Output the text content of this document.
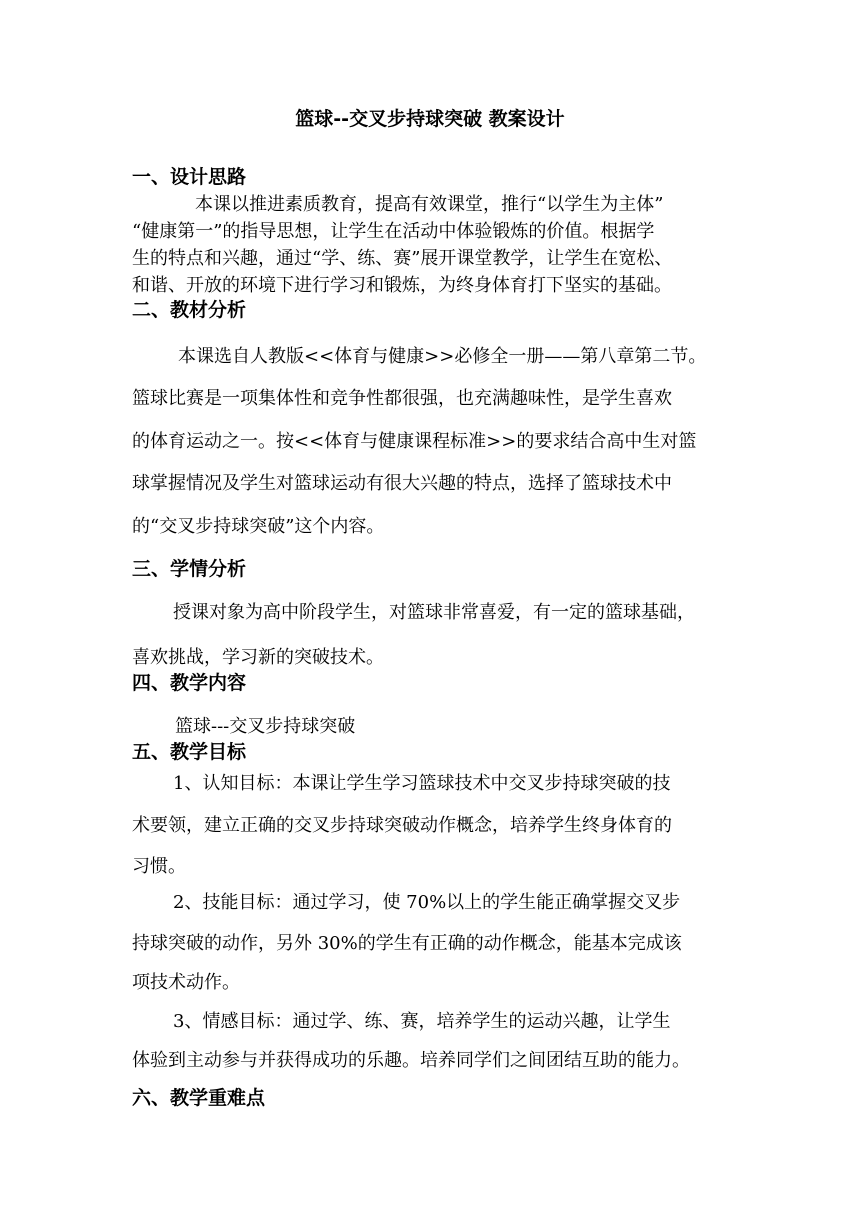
篮球--交叉步持球突破 教案设计
一、设计思路
本课以推进素质教育，提高有效课堂，推行“以学生为主体”
“健康第一”的指导思想，让学生在活动中体验锻炼的价值。根据学
生的特点和兴趣，通过“学、练、赛”展开课堂教学，让学生在宽松、
和谐、开放的环境下进行学习和锻炼，为终身体育打下坚实的基础。
二、教材分析
本课选自人教版<<体育与健康>>必修全一册——第八章第二节。
篮球比赛是一项集体性和竞争性都很强，也充满趣味性，是学生喜欢
的体育运动之一。按<<体育与健康课程标准>>的要求结合高中生对篮
球掌握情况及学生对篮球运动有很大兴趣的特点，选择了篮球技术中
的“交叉步持球突破”这个内容。
三、学情分析
授课对象为高中阶段学生，对篮球非常喜爱，有一定的篮球基础，
喜欢挑战，学习新的突破技术。
四、教学内容
篮球---交叉步持球突破
五、教学目标
1、认知目标：本课让学生学习篮球技术中交叉步持球突破的技
术要领，建立正确的交叉步持球突破动作概念，培养学生终身体育的
习惯。
2、技能目标：通过学习，使 70%以上的学生能正确掌握交叉步
持球突破的动作，另外 30%的学生有正确的动作概念，能基本完成该
项技术动作。
3、情感目标：通过学、练、赛，培养学生的运动兴趣，让学生
体验到主动参与并获得成功的乐趣。培养同学们之间团结互助的能力。
六、教学重难点
